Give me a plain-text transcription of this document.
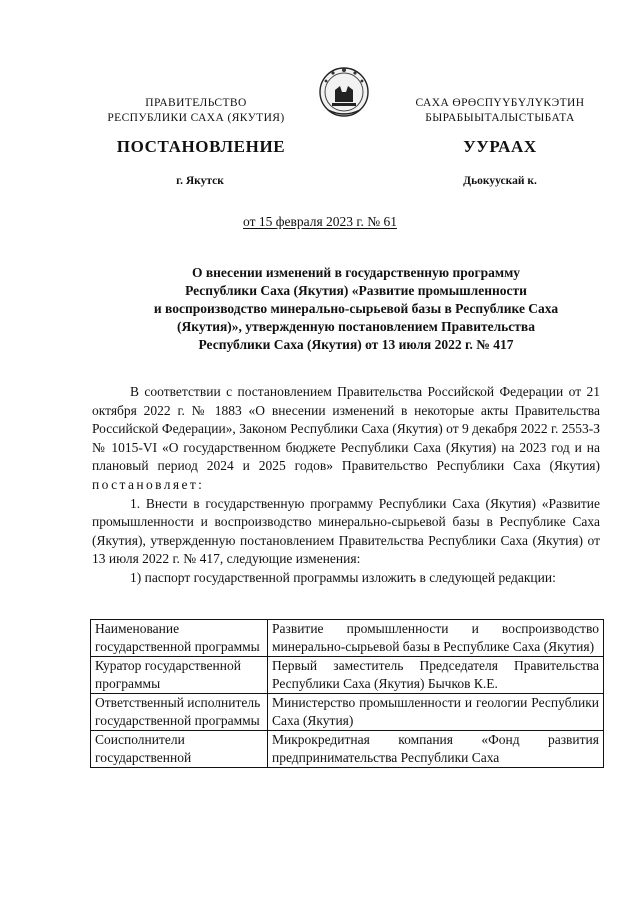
ПРАВИТЕЛЬСТВО
РЕСПУБЛИКИ САХА (ЯКУТИЯ)
САХА ӨРӨСПҮҮБҮЛҮКЭТИН
БЫРАБЫЫТАЛЫСТЫБАТА
ПОСТАНОВЛЕНИЕ	УУРААХ
г. Якутск	Дьокуускай к.
от 15 февраля 2023 г. № 61
О внесении изменений в государственную программу
Республики Саха (Якутия) «Развитие промышленности
и воспроизводство минерально-сырьевой базы в Республике Саха
(Якутия)», утвержденную постановлением Правительства
Республики Саха (Якутия) от 13 июля 2022 г. № 417

В соответствии с постановлением Правительства Российской Федерации от 21 октября 2022 г. № 1883 «О внесении изменений в некоторые акты Правительства Российской Федерации», Законом Республики Саха (Якутия) от 9 декабря 2022 г. 2553-З № 1015-VI «О государственном бюджете Республики Саха (Якутия) на 2023 год и на плановый период 2024 и 2025 годов» Правительство Республики Саха (Якутия) постановляет:

1. Внести в государственную программу Республики Саха (Якутия) «Развитие промышленности и воспроизводство минерально-сырьевой базы в Республике Саха (Якутия), утвержденную постановлением Правительства Республики Саха (Якутия) от 13 июля 2022 г. № 417, следующие изменения:

1) паспорт государственной программы изложить в следующей редакции:

Наименование государственной программы	Развитие промышленности и воспроизводство минерально-сырьевой базы в Республике Саха (Якутия)
Куратор государственной программы	Первый заместитель Председателя Правительства Республики Саха (Якутия) Бычков К.Е.
Ответственный исполнитель государственной программы	Министерство промышленности и геологии Республики Саха (Якутия)
Соисполнители государственной	Микрокредитная компания «Фонд развития предпринимательства Республики Саха
